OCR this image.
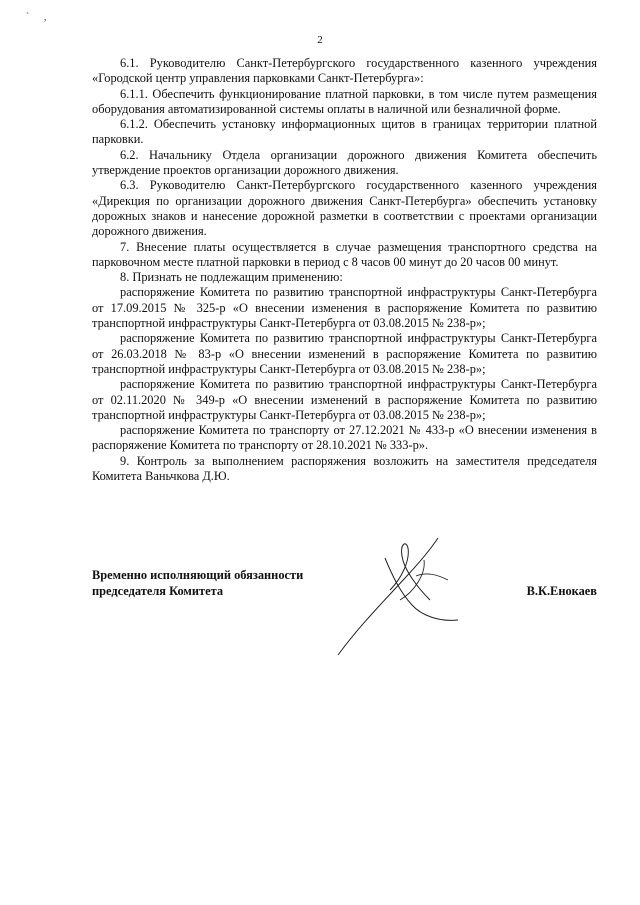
` ,
2

6.1. Руководителю Санкт-Петербургского государственного казенного учреждения «Городской центр управления парковками Санкт-Петербурга»:

6.1.1. Обеспечить функционирование платной парковки, в том числе путем размещения оборудования автоматизированной системы оплаты в наличной или безналичной форме.

6.1.2. Обеспечить установку информационных щитов в границах территории платной парковки.

6.2. Начальнику Отдела организации дорожного движения Комитета обеспечить утверждение проектов организации дорожного движения.

6.3. Руководителю Санкт-Петербургского государственного казенного учреждения «Дирекция по организации дорожного движения Санкт-Петербурга» обеспечить установку дорожных знаков и нанесение дорожной разметки в соответствии с проектами организации дорожного движения.

7. Внесение платы осуществляется в случае размещения транспортного средства на парковочном месте платной парковки в период с 8 часов 00 минут до 20 часов 00 минут.

8. Признать не подлежащим применению:

распоряжение Комитета по развитию транспортной инфраструктуры Санкт-Петербурга от 17.09.2015 № 325-р «О внесении изменения в распоряжение Комитета по развитию транспортной инфраструктуры Санкт-Петербурга от 03.08.2015 № 238-р»;

распоряжение Комитета по развитию транспортной инфраструктуры Санкт-Петербурга от 26.03.2018 № 83-р «О внесении изменений в распоряжение Комитета по развитию транспортной инфраструктуры Санкт-Петербурга от 03.08.2015 № 238-р»;

распоряжение Комитета по развитию транспортной инфраструктуры Санкт-Петербурга от 02.11.2020 № 349-р «О внесении изменений в распоряжение Комитета по развитию транспортной инфраструктуры Санкт-Петербурга от 03.08.2015 № 238-р»;

распоряжение Комитета по транспорту от 27.12.2021 № 433-р «О внесении изменения в распоряжение Комитета по транспорту от 28.10.2021 № 333-р».

9. Контроль за выполнением распоряжения возложить на заместителя председателя Комитета Ваньчкова Д.Ю.

Временно исполняющий обязанности
председателя Комитета	В.К.Енокаев
